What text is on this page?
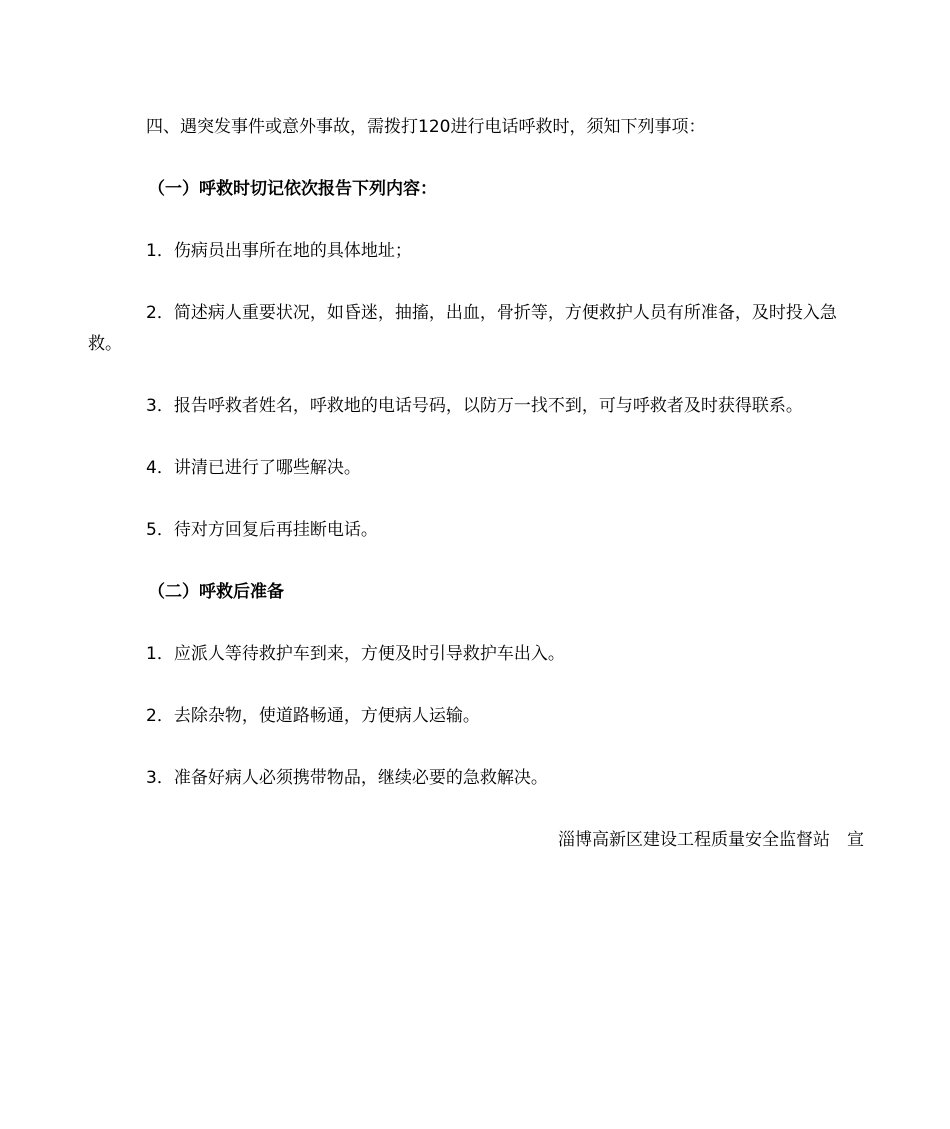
四、遇突发事件或意外事故，需拨打120进行电话呼救时，须知下列事项：
（一）呼救时切记依次报告下列内容：
1．伤病员出事所在地的具体地址；
2．简述病人重要状况，如昏迷，抽搐，出血，骨折等，方便救护人员有所准备，及时投入急救。
3．报告呼救者姓名，呼救地的电话号码，以防万一找不到，可与呼救者及时获得联系。
4．讲清已进行了哪些解决。
5．待对方回复后再挂断电话。
（二）呼救后准备
1．应派人等待救护车到来，方便及时引导救护车出入。
2．去除杂物，使道路畅通，方便病人运输。
3．准备好病人必须携带物品，继续必要的急救解决。
淄博高新区建设工程质量安全监督站　宣
